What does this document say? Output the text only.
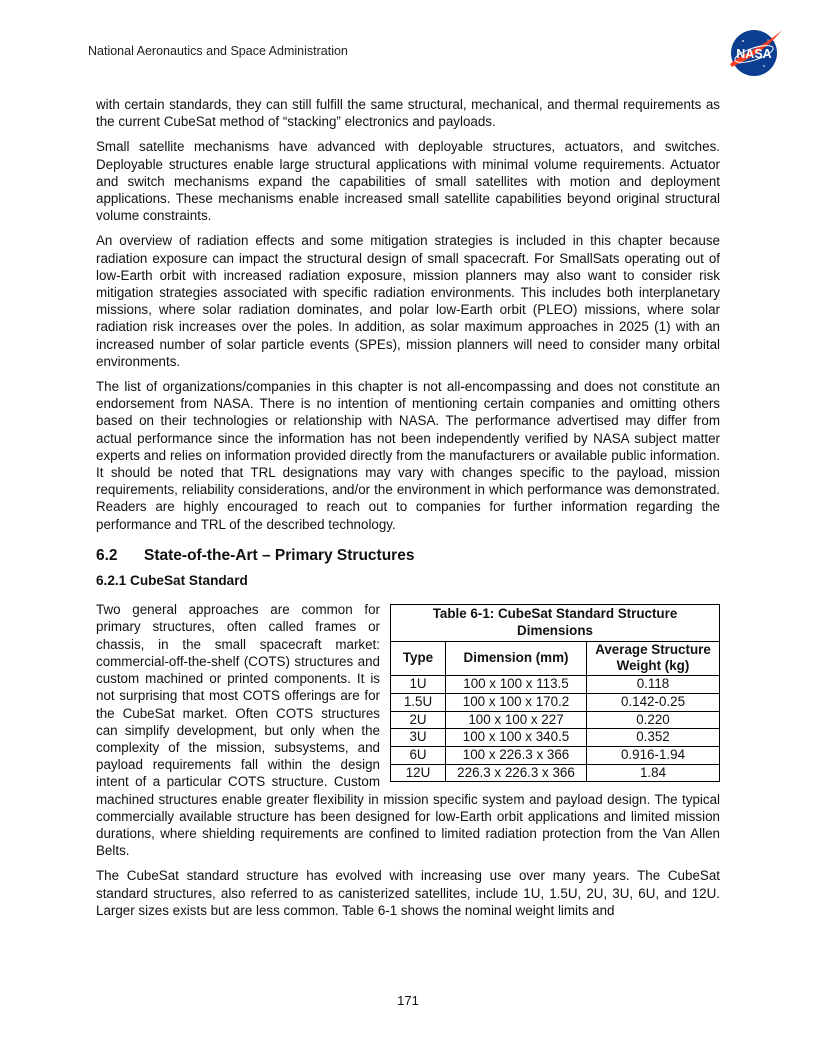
National Aeronautics and Space Administration	NASA

with certain standards, they can still fulfill the same structural, mechanical, and thermal requirements as the current CubeSat method of “stacking” electronics and payloads.

Small satellite mechanisms have advanced with deployable structures, actuators, and switches. Deployable structures enable large structural applications with minimal volume requirements. Actuator and switch mechanisms expand the capabilities of small satellites with motion and deployment applications. These mechanisms enable increased small satellite capabilities beyond original structural volume constraints.

An overview of radiation effects and some mitigation strategies is included in this chapter because radiation exposure can impact the structural design of small spacecraft. For SmallSats operating out of low-Earth orbit with increased radiation exposure, mission planners may also want to consider risk mitigation strategies associated with specific radiation environments. This includes both interplanetary missions, where solar radiation dominates, and polar low-Earth orbit (PLEO) missions, where solar radiation risk increases over the poles. In addition, as solar maximum approaches in 2025 (1) with an increased number of solar particle events (SPEs), mission planners will need to consider many orbital environments.

The list of organizations/companies in this chapter is not all-encompassing and does not constitute an endorsement from NASA. There is no intention of mentioning certain companies and omitting others based on their technologies or relationship with NASA. The performance advertised may differ from actual performance since the information has not been independently verified by NASA subject matter experts and relies on information provided directly from the manufacturers or available public information. It should be noted that TRL designations may vary with changes specific to the payload, mission requirements, reliability considerations, and/or the environment in which performance was demonstrated. Readers are highly encouraged to reach out to companies for further information regarding the performance and TRL of the described technology.

6.2 State-of-the-Art – Primary Structures
6.2.1 CubeSat Standard
Table 6-1: CubeSat Standard Structure Dimensions		
Type	Dimension (mm)	Average Structure Weight (kg)
1U	100 x 100 x 113.5	0.118
1.5U	100 x 100 x 170.2	0.142-0.25
2U	100 x 100 x 227	0.220
3U	100 x 100 x 340.5	0.352
6U	100 x 226.3 x 366	0.916-1.94
12U	226.3 x 226.3 x 366	1.84

Two general approaches are common for primary structures, often called frames or chassis, in the small spacecraft market: commercial-off-the-shelf (COTS) structures and custom machined or printed components. It is not surprising that most COTS offerings are for the CubeSat market. Often COTS structures can simplify development, but only when the complexity of the mission, subsystems, and payload requirements fall within the design intent of a particular COTS structure. Custom machined structures enable greater flexibility in mission specific system and payload design. The typical commercially available structure has been designed for low-Earth orbit applications and limited mission durations, where shielding requirements are confined to limited radiation protection from the Van Allen Belts.

The CubeSat standard structure has evolved with increasing use over many years. The CubeSat standard structures, also referred to as canisterized satellites, include 1U, 1.5U, 2U, 3U, 6U, and 12U. Larger sizes exists but are less common. Table 6-1 shows the nominal weight limits and

171
